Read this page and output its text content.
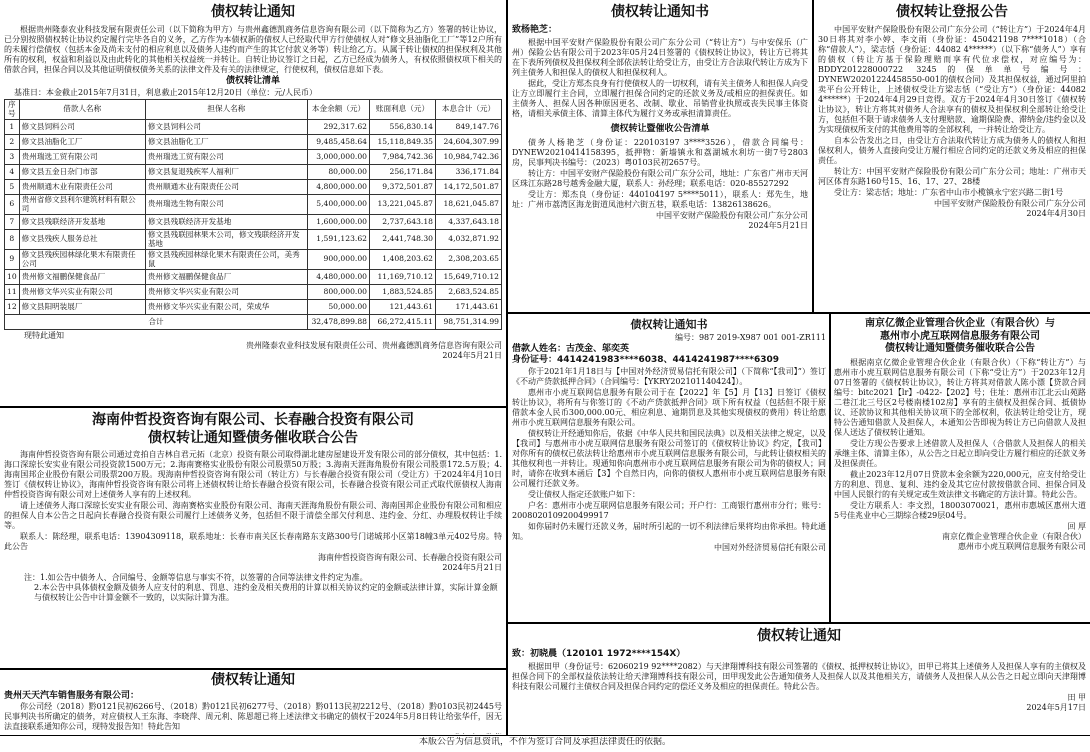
债权转让通知
根据贵州隆泰农业科技发展有限责任公司（以下简称为甲方）与贵州鑫德凯商务信息咨询有限公司（以下简称为乙方）签署的转让协议，已分别按照债权转让协议约定履行完毕各自的义务，乙方作为本债权新的债权人已经取代甲方行使债权人对“修文县油脂化工厂”等12户所有的未履行偿债权（包括本金及尚未支付的相应利息以及债务人违约而产生的其它付款义务等）转让给乙方。从属于转让债权的担保权利及其他所有的权利，权益和利益以及由此转化的其他相关权益统一并转让。自转让协议签订之日起，乙方已经成为债务人，有权依照债权项下相关的借款合同，担保合同以及其他证明债权债务关系的法律文件及有关的法律规定，行使权利，债权信息如下表。
债权转让清单
基准日：本金截止2015年7月31日，利息截止2015年12月20日（单位：元/人民币）
序号	借款人名称	担保人名称	本金余额（元）	账面利息（元）	本息合计（元）
1	修文县饲料公司	修文县饲料公司	292,317.62	556,830.14	849,147.76
2	修文县油脂化工厂	修文县油脂化工厂	9,485,458.64	15,118,849.35	24,604,307.99
3	贵州瑞选工贸有限公司	贵州瑞选工贸有限公司	3,000,000.00	7,984,742.36	10,984,742.36
4	修文县五金日杂门市部	修文县复退残疾军人福利厂	80,000.00	256,171.84	336,171.84
5	贵州顺通木业有限责任公司	贵州顺通木业有限责任公司	4,800,000.00	9,372,501.87	14,172,501.87
6	贵州省修文县利尔建筑材料有限公司	贵州瑞选生物有限公司	5,400,000.00	13,221,045.87	18,621,045.87
7	修文县残联经济开发基地	修文县残联经济开发基地	1,600,000.00	2,737,643.18	4,337,643.18
8	修文县残疾人服务总社	修文县残联园林果木公司，修文残联经济开发基地	1,591,123.62	2,441,748.30	4,032,871.92
9	修文县残疾园林绿化果木有限责任公司	修文县残疾园林绿化果木有限责任公司，美秀鼠	900,000.00	1,408,203.62	2,308,203.65
10	贵州修文福鹏保健食品厂	贵州修文福鹏保健食品厂	4,480,000.00	11,169,710.12	15,649,710.12
11	贵州修文华兴实业有限公司	贵州修文华兴实业有限公司	800,000.00	1,883,524.85	2,683,524.85
12	修文县阳明装展厂	贵州修文华兴实业有限公司，荣成华	50,000.00	121,443.61	171,443.61
合计			32,478,899.88	66,272,415.11	98,751,314.99
现特此通知
贵州隆泰农业科技发展有限责任公司、贵州鑫德凯商务信息咨询有限公司
2024年5月21日
债权转让通知书
致杨艳芝：
根据中国平安财产保险股份有限公司广东分公司（“转让方”）与中安保乐（广州）保险公估有限公司于2023年05月24日签署的《债权转让协议》，转让方已将其在下表所列债权及担保权利全部依法转让给受让方，由受让方合法取代转让方成为下列主债务人和担保人的债权人和担保权利人。
据此，受让方郑杰良身有行使债权人的一切权利，请有关主债务人和担保人向受让方立即履行主合同，立即履行担保合同约定的还款义务及/或相应的担保责任。如主债务人、担保人因各种原因更名、改制、歇业、吊销营业执照或丧失民事主体资格，请相关承债主体、清算主体代为履行义务或承担清算责任。
债权转让暨催收公告清单
债务人杨艳芝（身份证：220103197 3****3526），借款合同编号：DYNEW20210414158395，抵押物：新墙镇永和荔湖城水利坊一街7号2803房，民事判决书编号：（2023）粤0103民初2657号。
转让方：中国平安财产保险股份有限公司广东分公司，地址：广东省广州市天河区珠江东路28号越秀金融大厦，联系人：孙经理；联系电话：020-85527292
受让方：郑杰良（身份证：440104197 5****5011），联系人：郑先生，地址：广州市荔湾区海龙街道凤池村六街五巷，联系电话：13826138626。
中国平安财产保险股份有限公司广东分公司
2024年5月21日
债权转让登报公告
中国平安财产保险股份有限公司广东分公司（“转让方”）于2024年4月30日将其对李小婷、李文雨（身份证：450421198 7****1018）（合称“借款人”），梁志恬（身份证：44082 4******）（以下称“债务人”）享有的债权（转让方基于保险理赔而享有代位求偿权，对应编号为：BDDY201228000722 3245的保单单号编号：DYNEW20201224458550-001的债权合同）及其担保权益，通过阿里拍卖平台公开转让，上述债权受让方梁志恬（“受让方”）（身份证：44082 4******）于2024年4月29日竞得。双方于2024年4月30日签订《债权转让协议》，转让方将其对债务人合法享有的债权及担保权利全部转让给受让方，包括但不限于请求债务人支付理赔款、逾期保险费、滞纳金/违约金以及为实现债权所支付的其他费用等的全部权利，一并转让给受让方。
自本公告发出之日，由受让方合法取代转让方成为债务人的债权人和担保权利人，债务人直接向受让方履行相应合同约定的还款义务及相应的担保责任。
转让方：中国平安财产保险股份有限公司广东分公司；地址：广州市天河区体育东路160号15、16、17、27、28楼
受让方：梁志恬；地址：广东省中山市小榄镇永宁宏兴路二街1号
中国平安财产保险股份有限公司广东分公司
2024年4月30日
海南仲哲投资咨询有限公司、长春融合投资有限公司
债权转让通知暨债务催收联合公告
海南仲哲投资咨询有限公司通过竞拍自吉林自君元拓（北京）投资有限公司取得湖北建房屋建设开发有限公司的部分债权，其中包括：1.海口深琼长安实业有限公司投资款1500万元；2.海南赛格实业股份有限公司股票50万股；3.海南天涯海角股份有限公司股票172.5万股；4.海南国邦企业股份有限公司股票200万股。现海南仲哲投资咨询有限公司（转让方）与长春融合投资有限公司（受让方）于2024年4月10日签订《债权转让协议》，海南仲哲投资咨询有限公司将上述债权转让给长春融合投资有限公司，长春融合投资有限公司正式取代原债权人海南仲哲投资咨询有限公司对上述债务人享有的上述权利。
请上述债务人海口深琼长安实业有限公司、海南赛格实业股份有限公司、海南天涯海角股份有限公司、海南国邦企业股份有限公司和相应的担保人自本公告之日起向长春融合投资有限公司履行上述债务义务，包括但不限于清偿全部欠付利息、违约金、分红、办理股权转让手续等。
联系人：陈经理，联系电话：13904309118，联系地址：长春市南关区长春南路东支路300号门诺城邦小区第18幢3单元402号房。特此公告
海南仲哲投资咨询有限公司、长春融合投资有限公司
2024年5月21日
注：1.如公告中债务人、合同编号、金额等信息与事实不符，以签署的合同等法律文件约定为准。
2.本公告中具体债权金额及债务人应支付的利息、罚息、违约金及相关费用的计算以相关协议约定的金额或法律计算，实际计算金额与债权转让公告中计算金额不一致的，以实际计算为准。
债权转让通知
贵州天天汽车销售服务有限公司：
你公司经（2018）黔0121民初6266号、（2018）黔0121民初6277号、（2018）黔0113民初2212号、（2018）黔0103民初2445号民事判决书所确定的债务，对应债权人王东海、李晓萍、周元利、陈恩超已将上述法律文书确定的债权于2024年5月8日转让给张华仟，因无法直接联系通知你公司，现特发报告知！特此告知
债权转让通知书
编号：987 2019-X987 001 001-ZR111
借款人姓名：古茂金、邬奕英
身份证号：4414241983****6038、4414241987****6309
你于2021年1月18日与【中国对外经济贸易信托有限公司】（下简称“【我司】”）签订《不动产贷款抵押合同》（合同编号：【YKRY202101140424】）。
惠州市小虎互联网信息服务有限公司于在【2022】年【5】月【13】日签订《债权转让协议》，将所有与你签订的《不动产贷款抵押合同》项下所有权益（包括但不限于原借款本金人民币300,000.00元、相应利息、逾期罚息及其他实现债权的费用）转让给惠州市小虎互联网信息服务有限公司。
债权转让开经通知你后，依据《中华人民共和国民法典》以及相关法律之规定，以及【我司】与惠州市小虎互联网信息服务有限公司签订的《债权转让协议》约定，【我司】对你所有的债权已依法转让给惠州市小虎互联网信息服务有限公司，与此转让债权相关的其他权利也一并转让。现通知你向惠州市小虎互联网信息服务有限公司为你的债权人；同时，请你在收到本函后【3】个自然日内，向你的债权人惠州市小虎互联网信息服务有限公司履行还款义务。
受让债权人指定还款账户如下：
户名：惠州市小虎互联网信息服务有限公司；开户行：工商银行惠州市分行；账号：2008020109200499917
如你届时仍未履行还款义务，届时所引起的一切不利法律后果将均由你承担。特此通知。
中国对外经济贸易信托有限公司
南京亿微企业管理合伙企业（有限合伙）与
惠州市小虎互联网信息服务有限公司
债权转让通知暨债务催收联合公告
根据南京亿微企业管理合伙企业（有限合伙）（下称“转让方”）与惠州市小虎互联网信息服务有限公司（下称“受让方”）于2023年12月07日签署的《债权转让协议》，转让方将其对借款人陈小漂【贷款合同编号：bitc2021【lr】-0422-【202】号；住址：惠州市江北云山苑路二巷江北三号区2号楼南楼102房】享有的主债权及担保合同、抵债协议、还款协议和其他相关协议项下的全部权利，依法转让给受让方，现特公告通知借款人及担保人，本通知公告即视为转让方已向借款人及担保人送达了债权转让通知。
受让方现公告要求上述借款人及担保人（合借款人及担保人的相关承继主体、清算主体），从公告之日起立即向受让方履行相应的还款义务及担保责任。
截止2023年12月07日贷款本金余额为220,000元，应支付给受让方的利息、罚息、复利、违约金及其它应付款按借款合同、担保合同及中国人民银行的有关规定或生效法律文书确定的方法计算。特此公告。
受让方联系人：李文烈，18003070021，惠州市惠城区惠州大道5号佳兆业中心三期综合楼29层04号。
回 厚
南京亿微企业管理合伙企业（有限合伙）
惠州市小虎互联网信息服务有限公司
债权转让通知
致：初晓晨（120101 1972****154X）
根据田甲（身份证号：62060219 92****2082）与天津翔博科技有限公司签署的《债权、抵押权转让协议》，田甲已将其上述债务人及担保人享有的主债权及担保合同下的全部权益依法转让给天津翔博科技有限公司，田甲现发此公告通知债务人及担保人以及其他相关方，请债务人及担保人从公告之日起立即向天津翔博科技有限公司履行主债权合同及担保合同约定的偿还义务及相应的担保责任。特此公告。
田 甲
2024年5月17日
本版公告为信息资讯，不作为签订合同及承担法律责任的依据。
